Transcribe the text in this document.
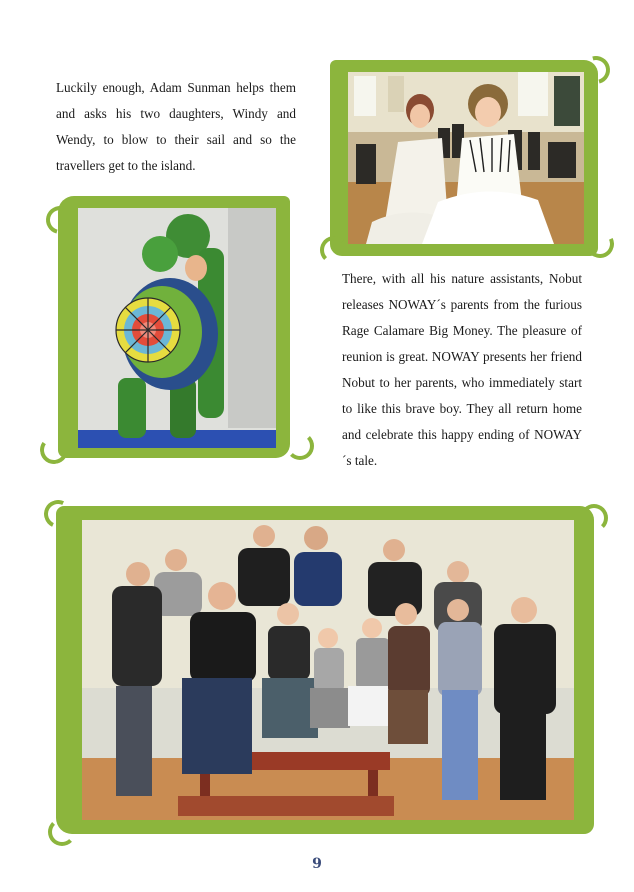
Luckily enough, Adam Sunman helps them and asks his two daughters, Windy and Wendy, to blow to their sail and so the travellers get to the island.

There, with all his nature assistants, Nobut releases NOWAY´s parents from the furious Rage Calamare Big Money. The pleasure of reunion is great. NOWAY presents her friend Nobut to her parents, who immediately start to like this brave boy. They all return home and celebrate this happy ending of NOWAY´s tale.

9
